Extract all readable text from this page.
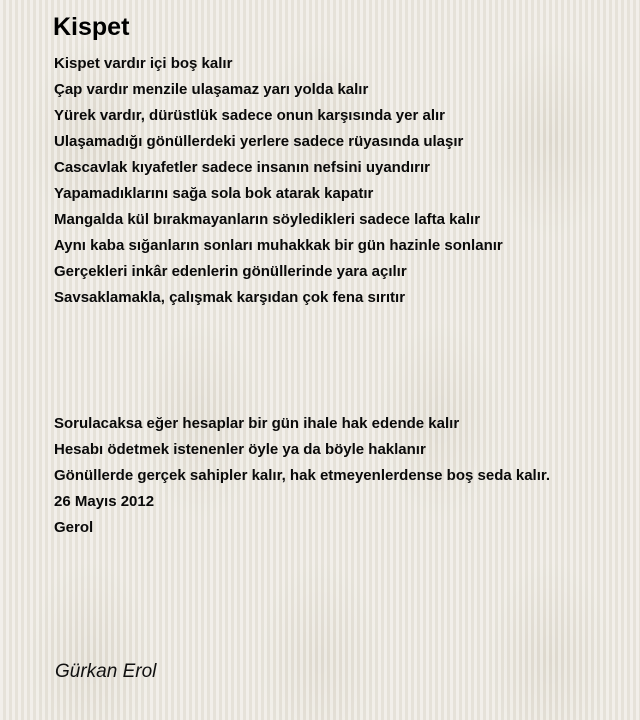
Kispet
Kispet vardır içi boş kalır
Çap vardır menzile ulaşamaz yarı yolda kalır
Yürek vardır, dürüstlük sadece onun karşısında yer alır
Ulaşamadığı gönüllerdeki yerlere sadece rüyasında ulaşır
Cascavlak kıyafetler sadece insanın nefsini uyandırır
Yapamadıklarını sağa sola bok atarak kapatır
Mangalda kül bırakmayanların söyledikleri sadece lafta kalır
Aynı kaba sığanların sonları muhakkak bir gün hazinle sonlanır
Gerçekleri inkâr edenlerin gönüllerinde yara açılır
Savsaklamakla, çalışmak karşıdan çok fena sırıtır
Sorulacaksa eğer hesaplar bir gün ihale hak edende kalır
Hesabı ödetmek istenenler öyle ya da böyle haklanır
Gönüllerde gerçek sahipler kalır, hak etmeyenlerdense boş seda kalır.
26 Mayıs 2012
Gerol
Gürkan Erol
